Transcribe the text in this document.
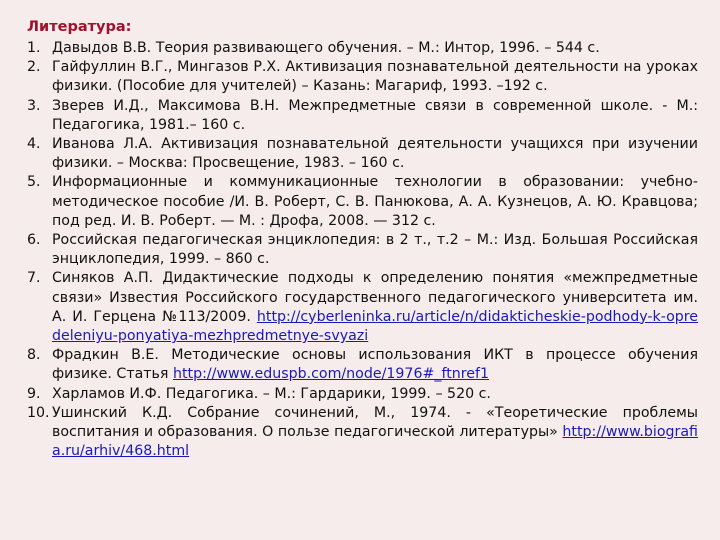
Литература:
1. Давыдов В.В. Теория развивающего обучения. – М.: Интор, 1996. – 544 с.
2. Гайфуллин В.Г., Мингазов Р.Х. Активизация познавательной деятельности на уроках физики. (Пособие для учителей) – Казань: Магариф, 1993. –192 с.
3. Зверев И.Д., Максимова В.Н. Межпредметные связи в современной школе. - М.: Педагогика, 1981.– 160 с.
4. Иванова Л.А. Активизация познавательной деятельности учащихся при изучении физики. – Москва: Просвещение, 1983. – 160 с.
5. Информационные и коммуникационные технологии в образовании: учебно-методическое пособие /И. В. Роберт, С. В. Панюкова, А. А. Кузнецов, А. Ю. Кравцова; под ред. И. В. Роберт. — М. : Дрофа, 2008. — 312 с.
6. Российская педагогическая энциклопедия: в 2 т., т.2 – М.: Изд. Большая Российская энциклопедия, 1999. – 860 с.
7. Синяков А.П. Дидактические подходы к определению понятия «межпредметные связи» Известия Российского государственного педагогического университета им. А. И. Герцена №113/2009. http://cyberleninka.ru/article/n/didakticheskie-podhody-k-opredeleniyu-ponyatiya-mezhpredmetnye-svyazi
8. Фрадкин В.Е. Методические основы использования ИКТ в процессе обучения физике. Статья http://www.eduspb.com/node/1976#_ftnref1
9. Харламов И.Ф. Педагогика. – М.: Гардарики, 1999. – 520 с.
10. Ушинский К.Д. Собрание сочинений, М., 1974. - «Теоретические проблемы воспитания и образования. О пользе педагогической литературы» http://www.biografia.ru/arhiv/468.html
